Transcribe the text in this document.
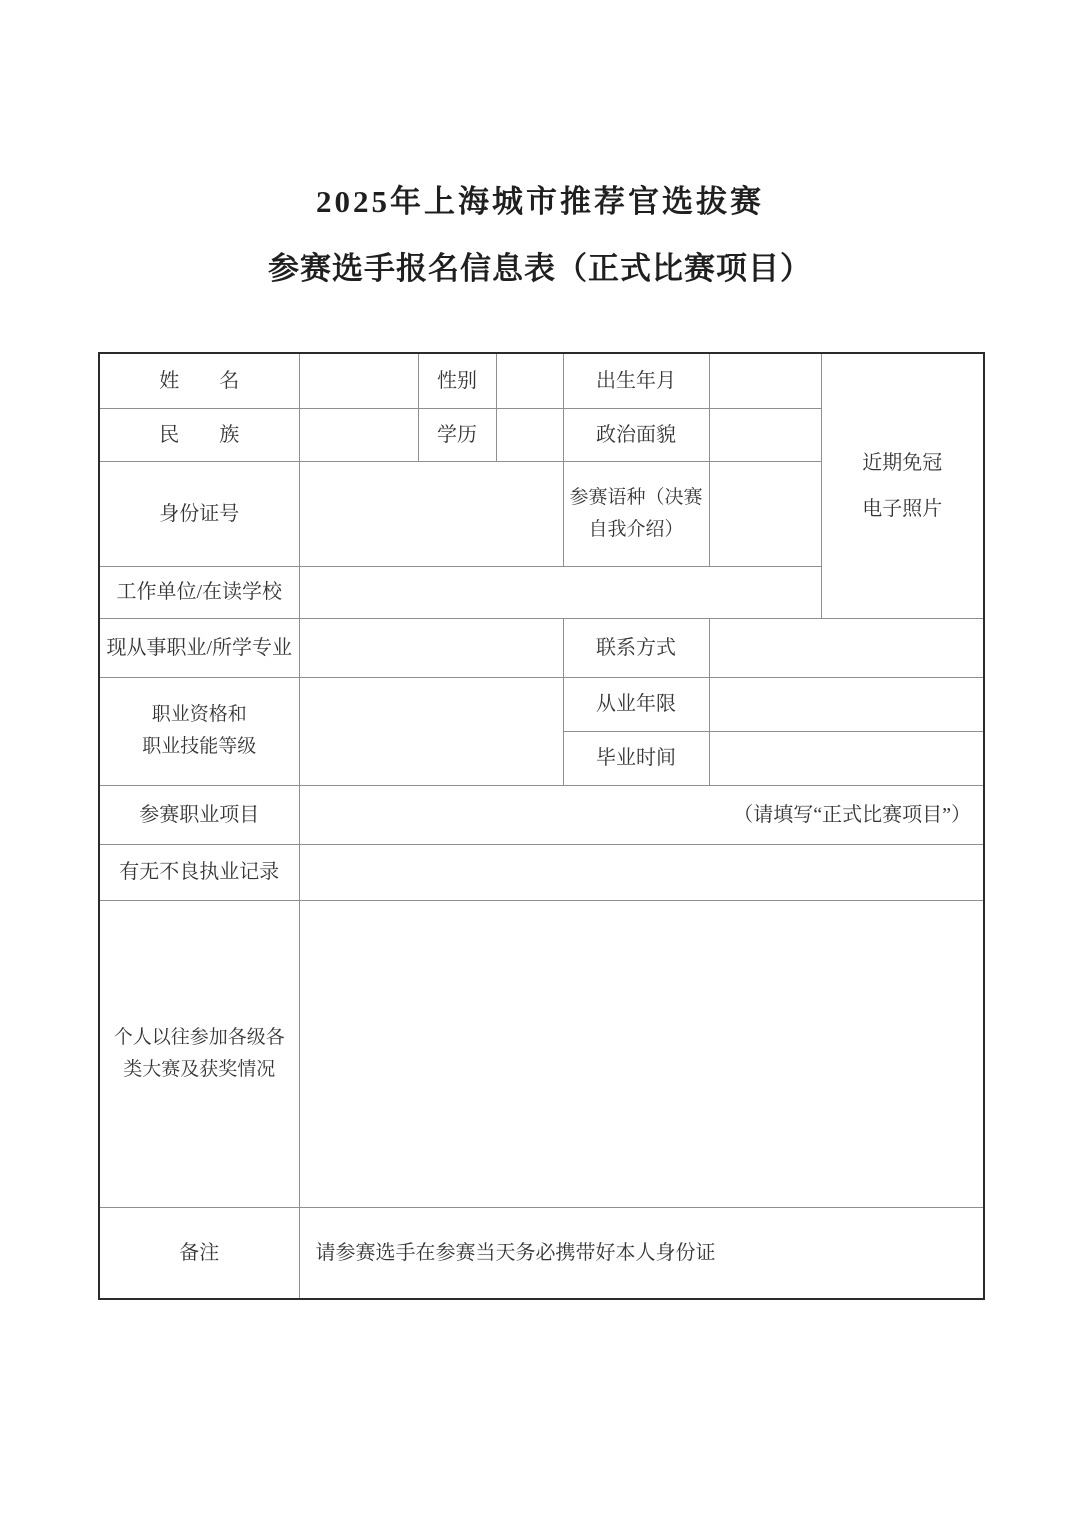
2025年上海城市推荐官选拔赛
参赛选手报名信息表（正式比赛项目）
姓　　名		性别		出生年月		近期免冠
电子照片

民　　族		学历		政治面貌		
身份证号				参赛语种（决赛
自我介绍）		

工作单位/在读学校						
现从事职业/所学专业				联系方式		

职业资格和
职业技能等级				从业年限		
				毕业时间		
参赛职业项目	（请填写“正式比赛项目”）					
有无不良执业记录						

个人以往参加各级各
类大赛及获奖情况						

备注	请参赛选手在参赛当天务必携带好本人身份证					
